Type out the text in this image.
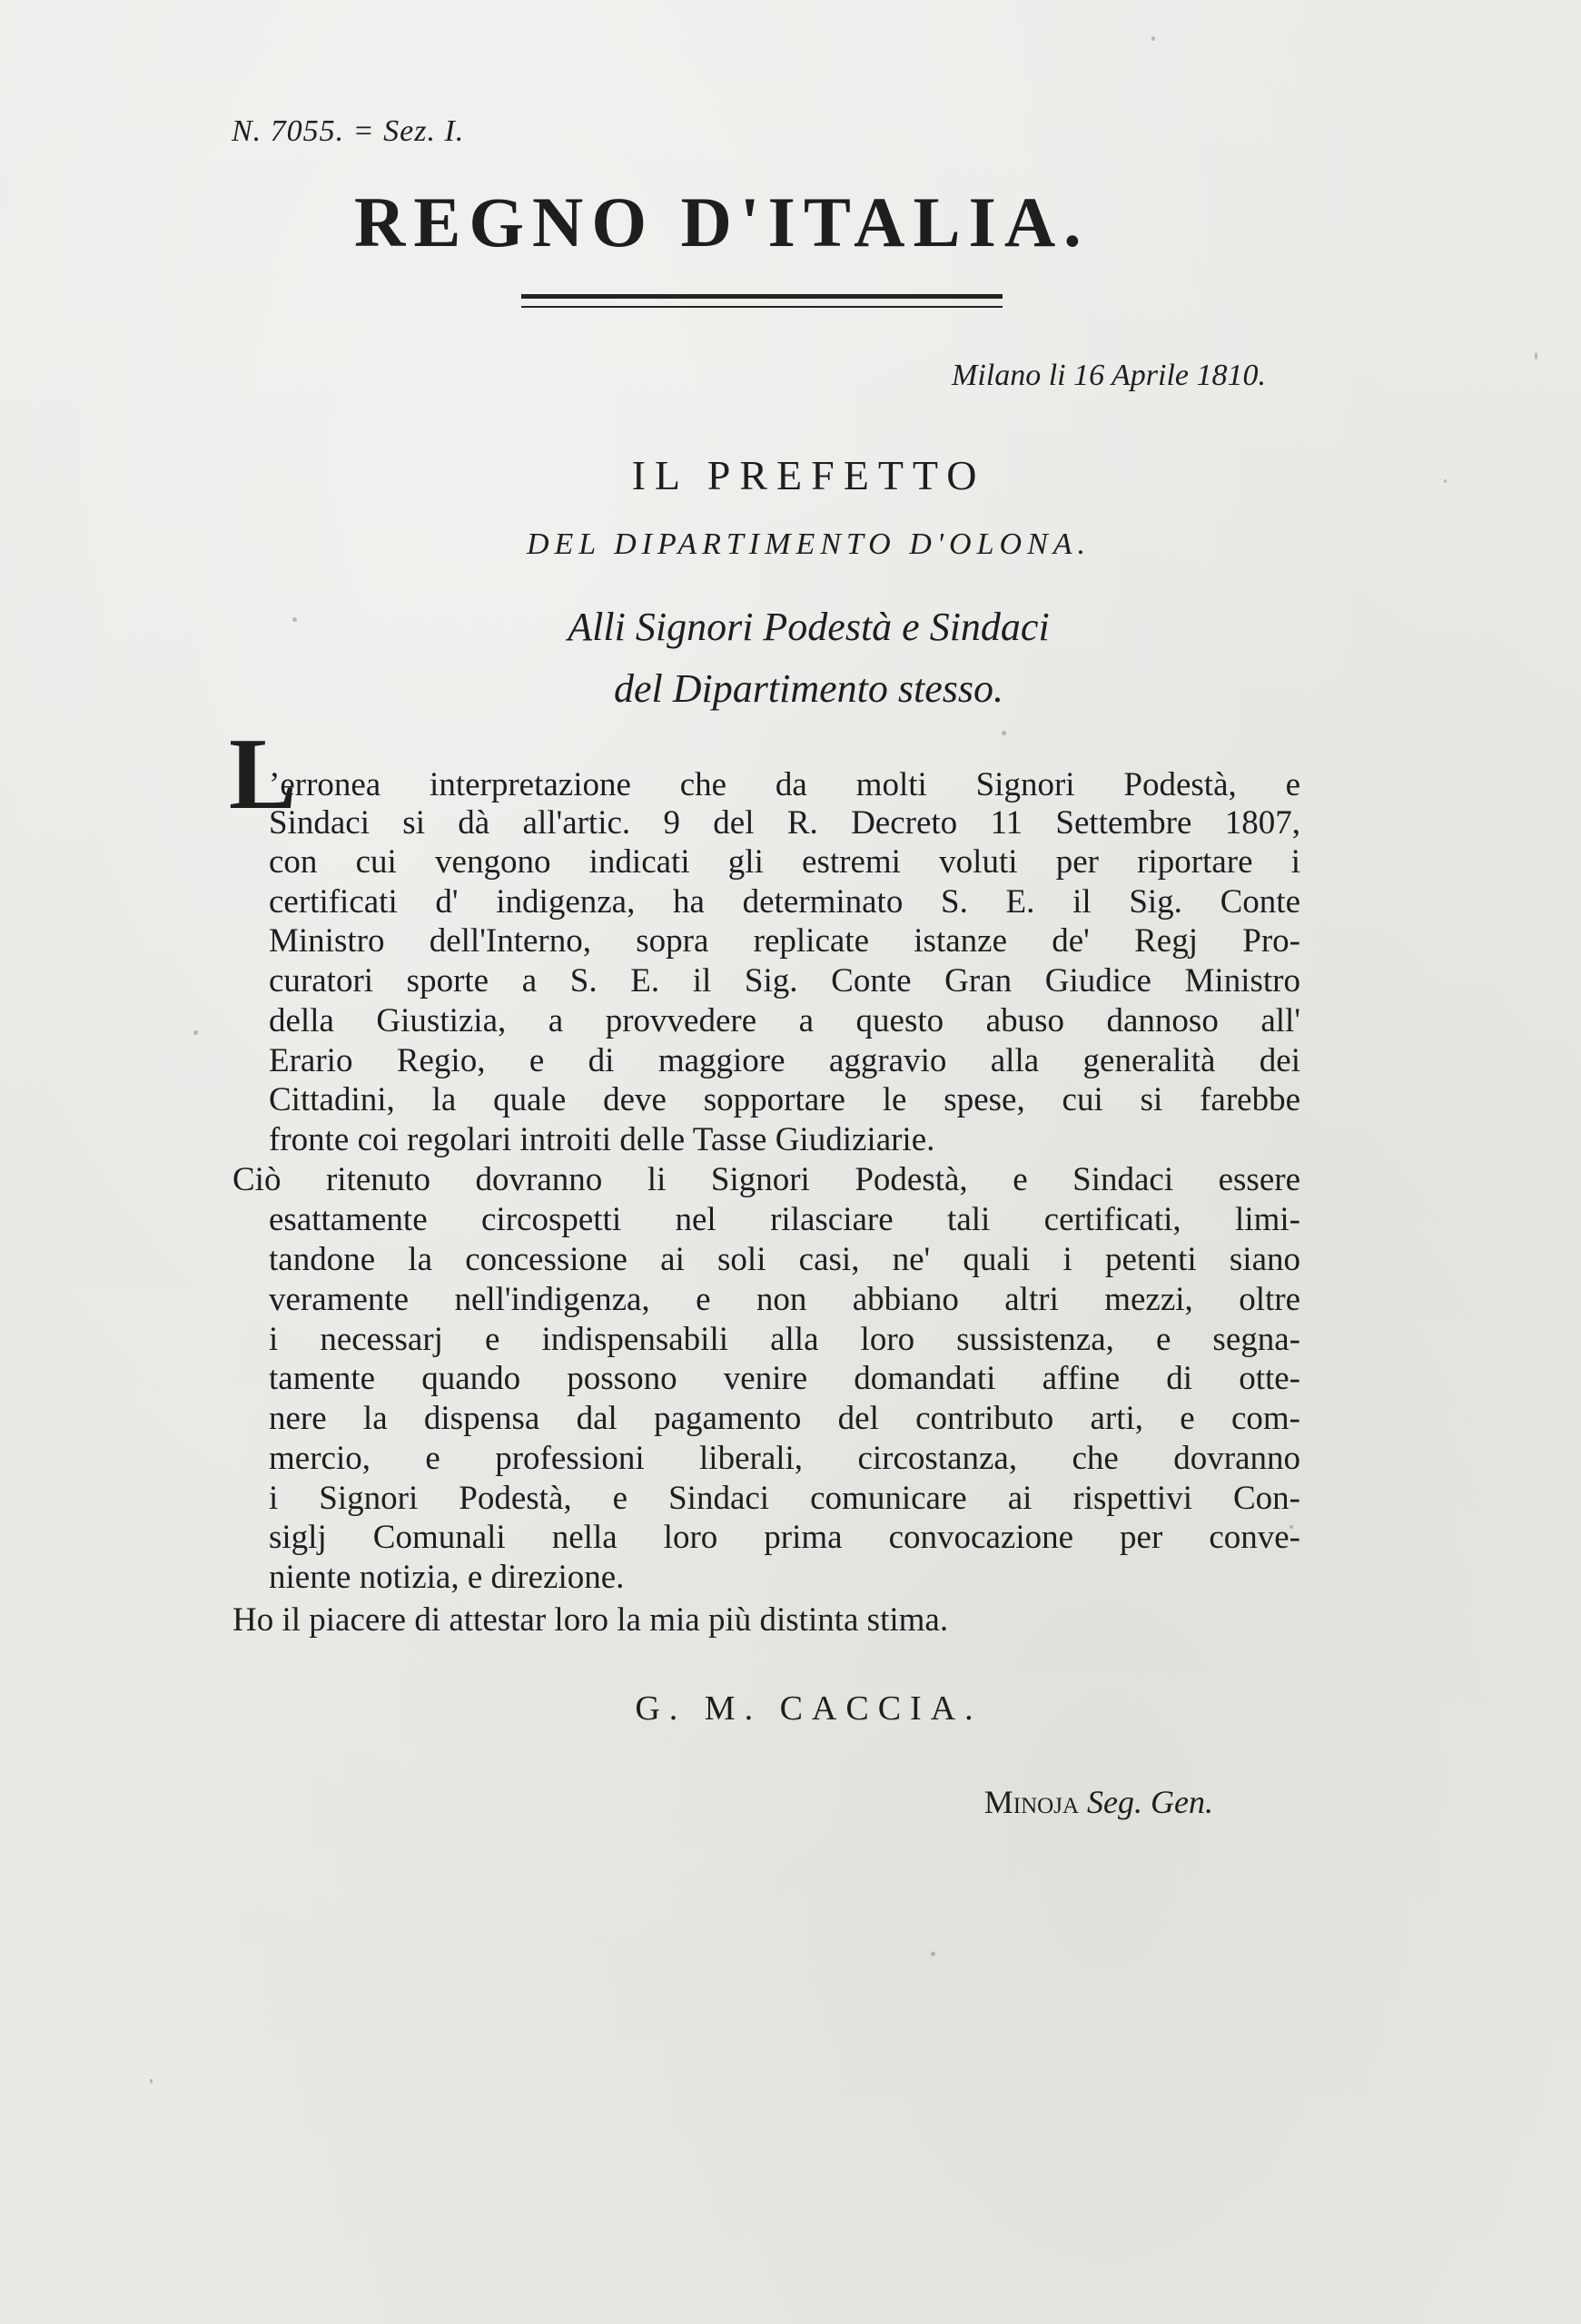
N. 7055. = Sez. I.
REGNO D'ITALIA.
Milano li 16 Aprile 1810.
IL PREFETTO
DEL DIPARTIMENTO D'OLONA.
Alli Signori Podestà e Sindaci
del Dipartimento stesso.
L
’erronea interpretazione che da molti Signori Podestà, e
Sindaci si dà all'artic. 9 del R. Decreto 11 Settembre 1807,
con cui vengono indicati gli estremi voluti per riportare i
certificati d' indigenza, ha determinato S. E. il Sig. Conte
Ministro dell'Interno, sopra replicate istanze de' Regj Pro-
curatori sporte a S. E. il Sig. Conte Gran Giudice Ministro
della Giustizia, a provvedere a questo abuso dannoso all'
Erario Regio, e di maggiore aggravio alla generalità dei
Cittadini, la quale deve sopportare le spese, cui si farebbe
fronte coi regolari introiti delle Tasse Giudiziarie.
Ciò ritenuto dovranno li Signori Podestà, e Sindaci essere
esattamente circospetti nel rilasciare tali certificati, limi-
tandone la concessione ai soli casi, ne' quali i petenti siano
veramente nell'indigenza, e non abbiano altri mezzi, oltre
i necessarj e indispensabili alla loro sussistenza, e segna-
tamente quando possono venire domandati affine di otte-
nere la dispensa dal pagamento del contributo arti, e com-
mercio, e professioni liberali, circostanza, che dovranno
i Signori Podestà, e Sindaci comunicare ai rispettivi Con-
siglj Comunali nella loro prima convocazione per conve-
niente notizia, e direzione.
Ho il piacere di attestar loro la mia più distinta stima.
G. M. CACCIA.
Minoja Seg. Gen.
